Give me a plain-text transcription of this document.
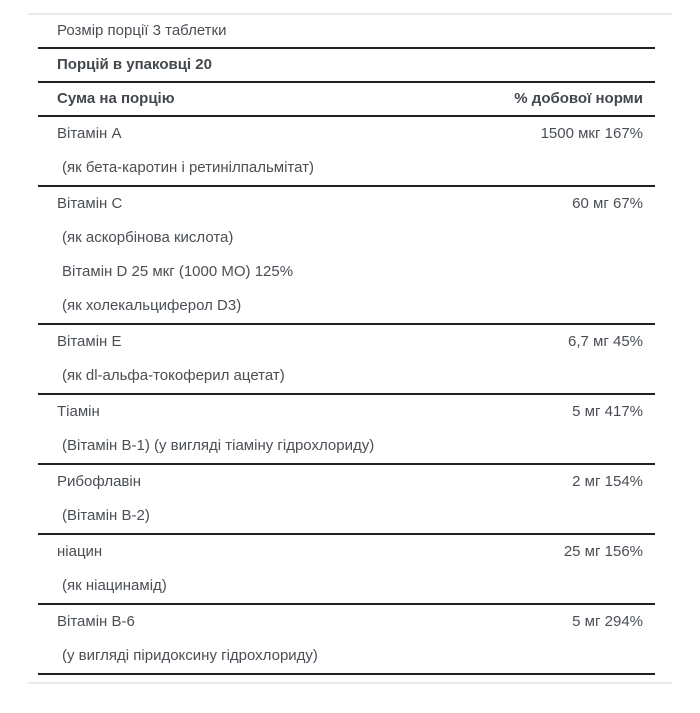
Розмір порції 3 таблетки
Порцій в упаковці 20
Сума на порцію	% добової норми
Вітамін A	1500 мкг 167%
(як бета-каротин і ретинілпальмітат)
Вітамін C	60 мг 67%
(як аскорбінова кислота)
Вітамін D 25 мкг (1000 МО) 125%
(як холекальциферол D3)
Вітамін E	6,7 мг 45%
(як dl-альфа-токоферил ацетат)
Тіамін	5 мг 417%
(Вітамін В-1) (у вигляді тіаміну гідрохлориду)
Рибофлавін	2 мг 154%
(Вітамін В-2)
ніацин	25 мг 156%
(як ніацинамід)
Вітамін В-6	5 мг 294%
(у вигляді піридоксину гідрохлориду)
